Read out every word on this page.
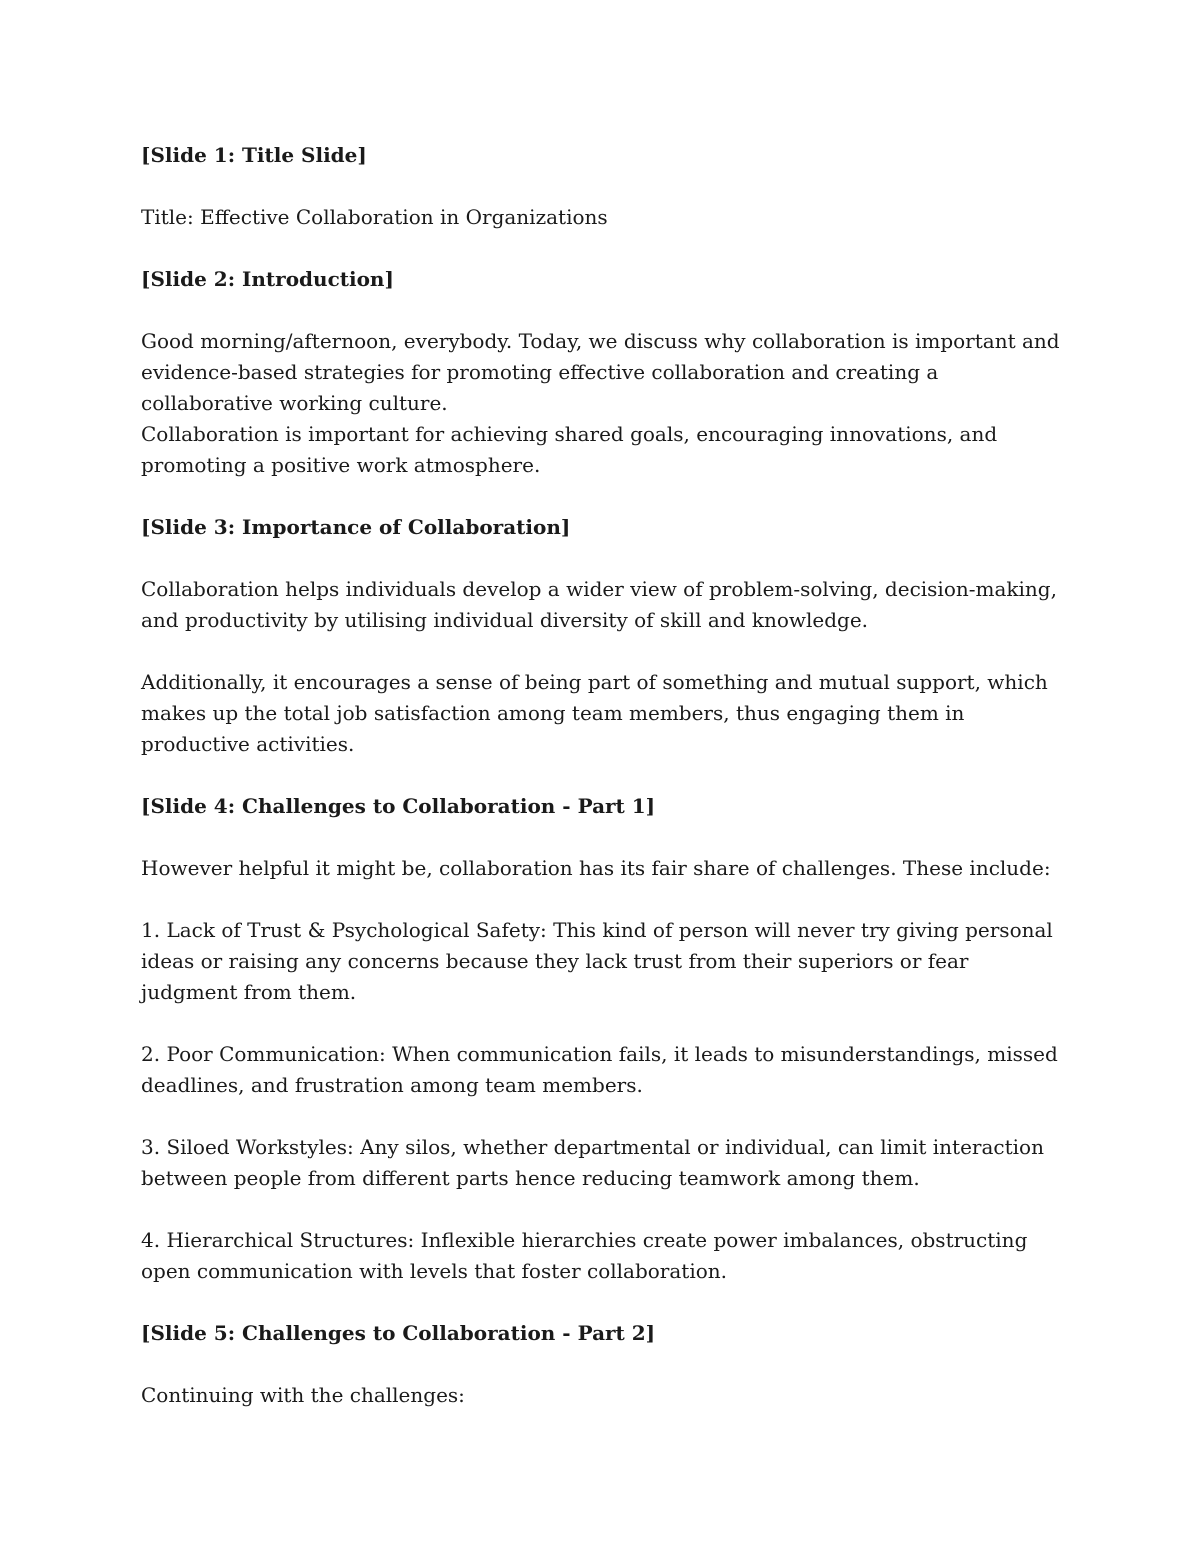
[Slide 1: Title Slide]

Title: Effective Collaboration in Organizations

[Slide 2: Introduction]

Good morning/afternoon, everybody. Today, we discuss why collaboration is important and evidence-based strategies for promoting effective collaboration and creating a collaborative working culture.

Collaboration is important for achieving shared goals, encouraging innovations, and promoting a positive work atmosphere.

[Slide 3: Importance of Collaboration]

Collaboration helps individuals develop a wider view of problem-solving, decision-making, and productivity by utilising individual diversity of skill and knowledge.

Additionally, it encourages a sense of being part of something and mutual support, which makes up the total job satisfaction among team members, thus engaging them in productive activities.

[Slide 4: Challenges to Collaboration - Part 1]

However helpful it might be, collaboration has its fair share of challenges. These include:

1. Lack of Trust & Psychological Safety: This kind of person will never try giving personal ideas or raising any concerns because they lack trust from their superiors or fear judgment from them.

2. Poor Communication: When communication fails, it leads to misunderstandings, missed deadlines, and frustration among team members.

3. Siloed Workstyles: Any silos, whether departmental or individual, can limit interaction between people from different parts hence reducing teamwork among them.

4. Hierarchical Structures: Inflexible hierarchies create power imbalances, obstructing open communication with levels that foster collaboration.

[Slide 5: Challenges to Collaboration - Part 2]

Continuing with the challenges:
